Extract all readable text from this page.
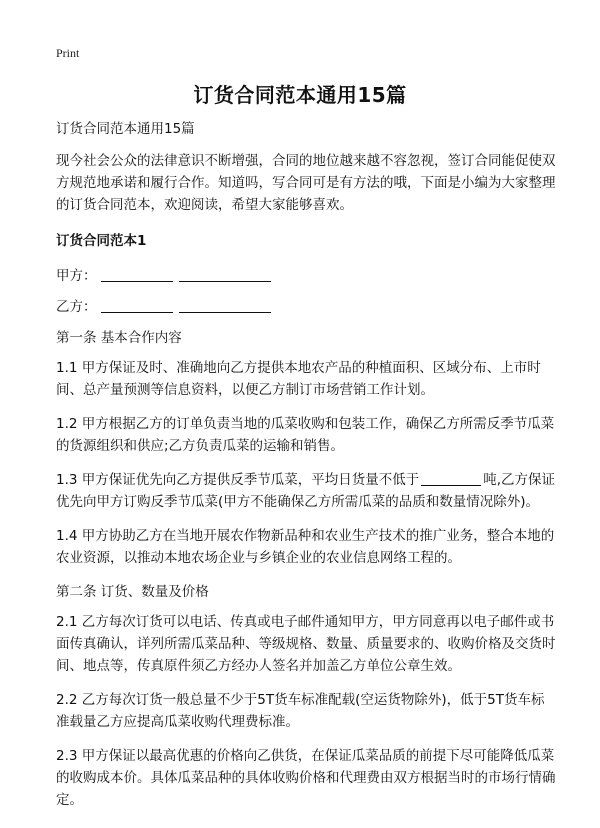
Print
订货合同范本通用15篇

订货合同范本通用15篇

现今社会公众的法律意识不断增强，合同的地位越来越不容忽视，签订合同能促使双方规范地承诺和履行合作。知道吗，写合同可是有方法的哦，下面是小编为大家整理的订货合同范本，欢迎阅读，希望大家能够喜欢。

订货合同范本1

甲方：

乙方：

第一条 基本合作内容

1.1 甲方保证及时、准确地向乙方提供本地农产品的种植面积、区域分布、上市时间、总产量预测等信息资料，以便乙方制订市场营销工作计划。

1.2 甲方根据乙方的订单负责当地的瓜菜收购和包装工作，确保乙方所需反季节瓜菜的货源组织和供应;乙方负责瓜菜的运输和销售。

1.3 甲方保证优先向乙方提供反季节瓜菜，平均日货量不低于	吨,乙方保证优先向甲方订购反季节瓜菜(甲方不能确保乙方所需瓜菜的品质和数量情况除外)。

1.4 甲方协助乙方在当地开展农作物新品种和农业生产技术的推广业务，整合本地的农业资源，以推动本地农场企业与乡镇企业的农业信息网络工程的。

第二条 订货、数量及价格

2.1 乙方每次订货可以电话、传真或电子邮件通知甲方，甲方同意再以电子邮件或书面传真确认，详列所需瓜菜品种、等级规格、数量、质量要求的、收购价格及交货时间、地点等，传真原件须乙方经办人签名并加盖乙方单位公章生效。

2.2 乙方每次订货一般总量不少于5T货车标准配载(空运货物除外)，低于5T货车标准载量乙方应提高瓜菜收购代理费标准。

2.3 甲方保证以最高优惠的价格向乙供货，在保证瓜菜品质的前提下尽可能降低瓜菜的收购成本价。具体瓜菜品种的具体收购价格和代理费由双方根据当时的市场行情确定。
